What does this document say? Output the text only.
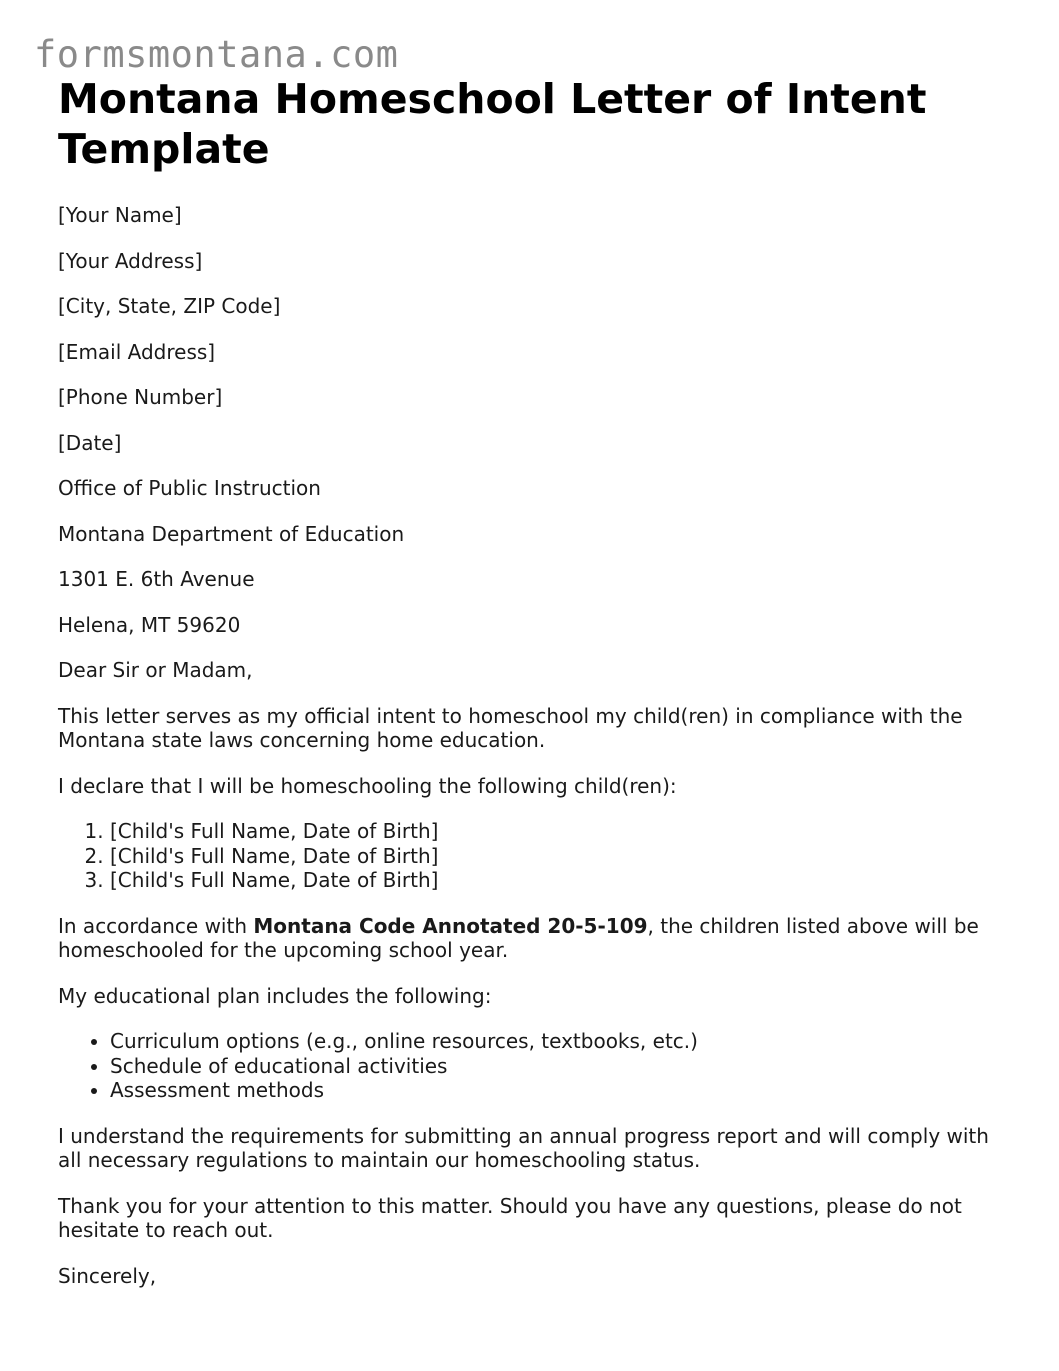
formsmontana.com
Montana Homeschool Letter of Intent Template

[Your Name]

[Your Address]

[City, State, ZIP Code]

[Email Address]

[Phone Number]

[Date]

Office of Public Instruction

Montana Department of Education

1301 E. 6th Avenue

Helena, MT 59620

Dear Sir or Madam,

This letter serves as my official intent to homeschool my child(ren) in compliance with the Montana state laws concerning home education.

I declare that I will be homeschooling the following child(ren):

1. [Child's Full Name, Date of Birth]
2. [Child's Full Name, Date of Birth]
3. [Child's Full Name, Date of Birth]

In accordance with Montana Code Annotated 20-5-109, the children listed above will be homeschooled for the upcoming school year.

My educational plan includes the following:

• Curriculum options (e.g., online resources, textbooks, etc.)
• Schedule of educational activities
• Assessment methods

I understand the requirements for submitting an annual progress report and will comply with all necessary regulations to maintain our homeschooling status.

Thank you for your attention to this matter. Should you have any questions, please do not hesitate to reach out.

Sincerely,
